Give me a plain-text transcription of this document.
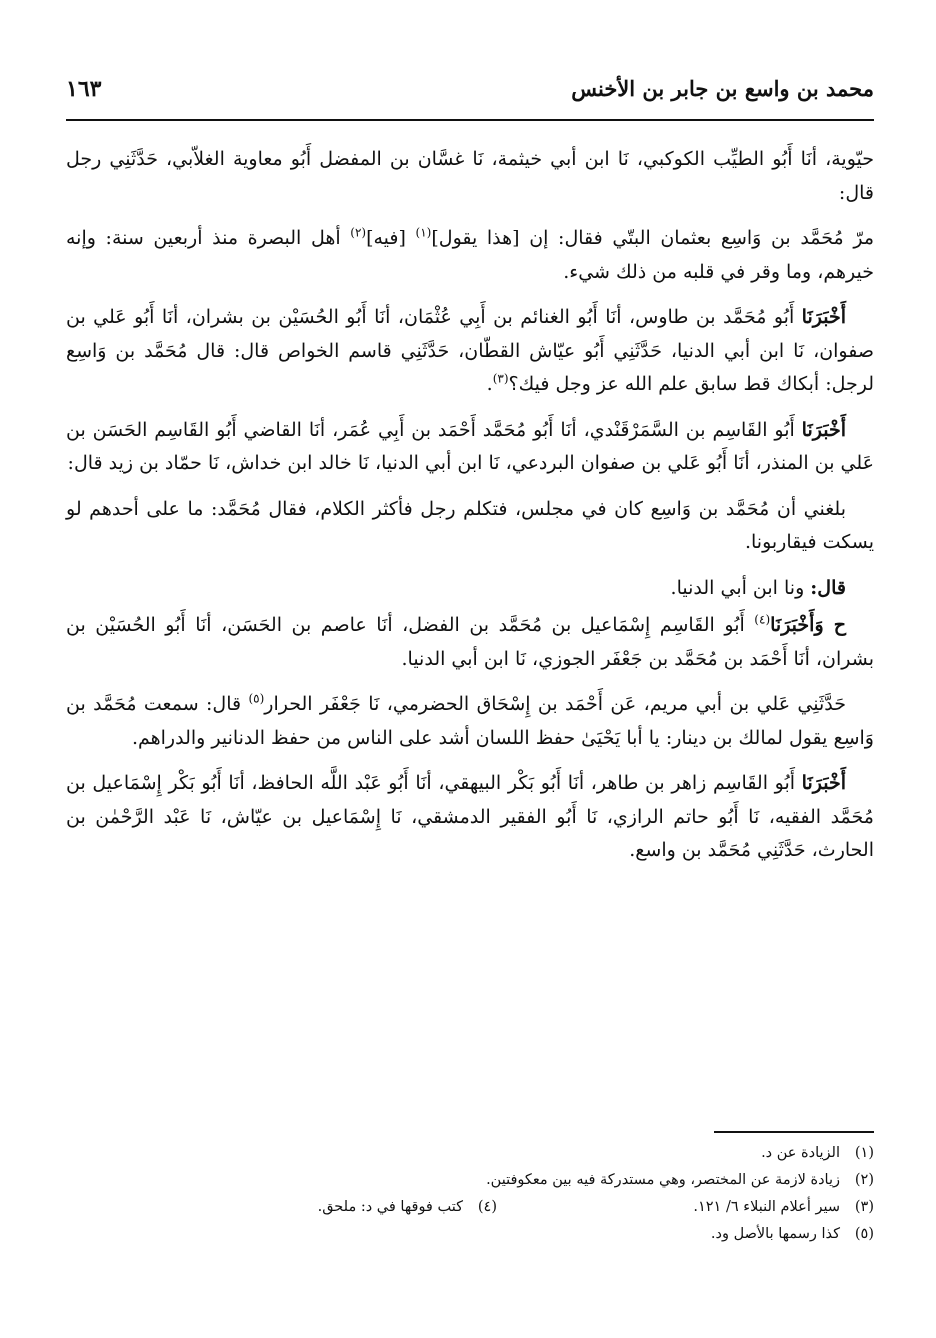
محمد بن واسع بن جابر بن الأخنس
١٦٣

حيّوية، أنَا أَبُو الطيِّب الكوكبي، نَا ابن أبي خيثمة، نَا غسَّان بن المفضل أَبُو معاوية الغلاّبي، حَدَّثَنِي رجل قال:

مرّ مُحَمَّد بن وَاسِع بعثمان البتّي فقال: إن [هذا يقول]$^{(١)}$ [فيه]$^{(٢)}$ أهل البصرة منذ أربعين سنة: وإنه خيرهم، وما وقر في قلبه من ذلك شيء.

أَخْبَرَنَا أَبُو مُحَمَّد بن طاوس، أنَا أَبُو الغنائم بن أَبِي عُثْمَان، أنَا أَبُو الحُسَيْن بن بشران، أنَا أَبُو عَلي بن صفوان، نَا ابن أبي الدنيا، حَدَّثَنِي أَبُو عيّاش القطّان، حَدَّثَنِي قاسم الخواص قال: قال مُحَمَّد بن وَاسِع لرجل: أبكاك قط سابق علم الله عز وجل فيك؟$^{(٣)}$.

أَخْبَرَنَا أَبُو القَاسِم بن السَّمَرْقَنْدي، أنَا أَبُو مُحَمَّد أَحْمَد بن أَبِي عُمَر، أنَا القاضي أَبُو القَاسِم الحَسَن بن عَلي بن المنذر، أنَا أَبُو عَلي بن صفوان البردعي، نَا ابن أبي الدنيا، نَا خالد ابن خداش، نَا حمّاد بن زيد قال:

بلغني أن مُحَمَّد بن وَاسِع كان في مجلس، فتكلم رجل فأكثر الكلام، فقال مُحَمَّد: ما على أحدهم لو يسكت فيقاربونا.

قال: ونا ابن أبي الدنيا.

ح وَأَخْبَرَنَا$^{(٤)}$ أَبُو القَاسِم إِسْمَاعيل بن مُحَمَّد بن الفضل، أنَا عاصم بن الحَسَن، أنَا أَبُو الحُسَيْن بن بشران، أنَا أَحْمَد بن مُحَمَّد بن جَعْفَر الجوزي، نَا ابن أبي الدنيا.

حَدَّثَنِي عَلي بن أبي مريم، عَن أَحْمَد بن إِسْحَاق الحضرمي، نَا جَعْفَر الحرار$^{(٥)}$ قال: سمعت مُحَمَّد بن وَاسِع يقول لمالك بن دينار: يا أبا يَحْيَىٰ حفظ اللسان أشد على الناس من حفظ الدنانير والدراهم.

أَخْبَرَنَا أَبُو القَاسِم زاهر بن طاهر، أنَا أَبُو بَكْر البيهقي، أنَا أَبُو عَبْد اللَّه الحافظ، أنَا أَبُو بَكْر إِسْمَاعيل بن مُحَمَّد الفقيه، نَا أَبُو حاتم الرازي، نَا أَبُو الفقير الدمشقي، نَا إِسْمَاعيل بن عيّاش، نَا عَبْد الرَّحْمٰن بن الحارث، حَدَّثَنِي مُحَمَّد بن واسع.

(١)الزيادة عن د.
(٢)زيادة لازمة عن المختصر، وهي مستدركة فيه بين معكوفتين.
(٣)سير أعلام النبلاء ٦/ ١٢١.
(٤)كتب فوقها في د: ملحق.
(٥)كذا رسمها بالأصل ود.
